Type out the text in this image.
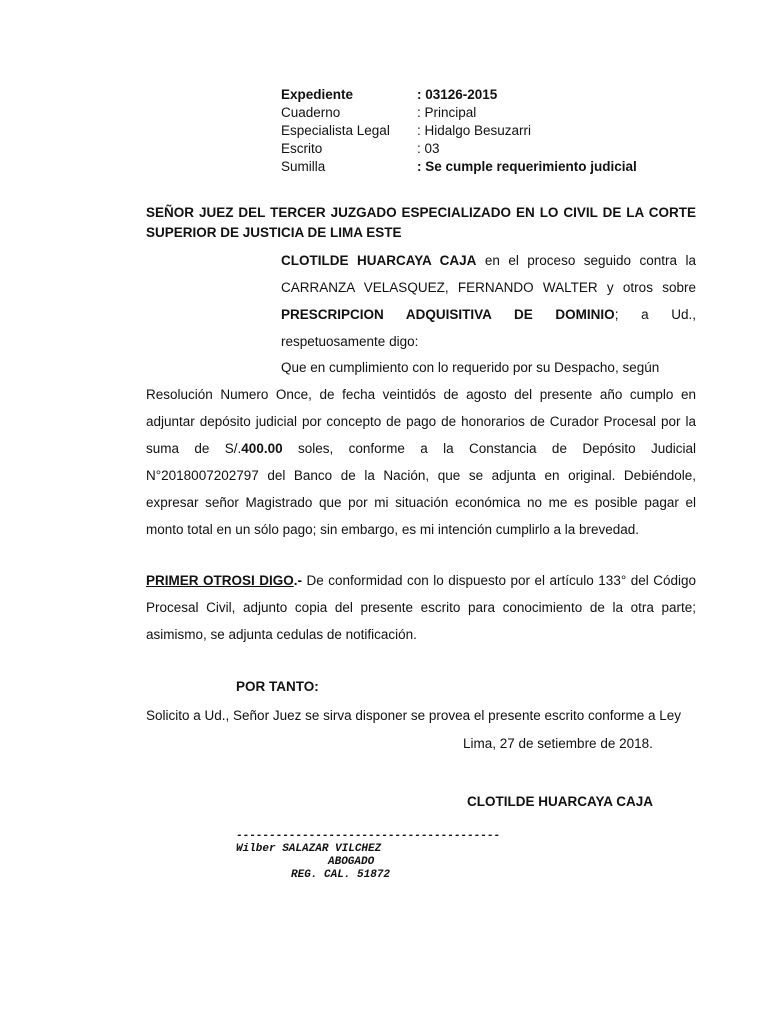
Expediente	: 03126-2015
Cuaderno	: Principal
Especialista Legal	: Hidalgo Besuzarri
Escrito	: 03
Sumilla	: Se cumple requerimiento judicial
SEÑOR JUEZ DEL TERCER JUZGADO ESPECIALIZADO EN LO CIVIL DE LA CORTE SUPERIOR DE JUSTICIA DE LIMA ESTE
CLOTILDE HUARCAYA CAJA en el proceso seguido contra la CARRANZA VELASQUEZ, FERNANDO WALTER y otros sobre PRESCRIPCION ADQUISITIVA DE DOMINIO; a Ud., respetuosamente digo:
Que en cumplimiento con lo requerido por su Despacho, según
Resolución Numero Once, de fecha veintidós de agosto del presente año cumplo en adjuntar depósito judicial por concepto de pago de honorarios de Curador Procesal por la suma de S/.400.00 soles, conforme a la Constancia de Depósito Judicial N°2018007202797 del Banco de la Nación, que se adjunta en original. Debiéndole, expresar señor Magistrado que por mi situación económica no me es posible pagar el monto total en un sólo pago; sin embargo, es mi intención cumplirlo a la brevedad.
PRIMER OTROSI DIGO.- De conformidad con lo dispuesto por el artículo 133° del Código Procesal Civil, adjunto copia del presente escrito para conocimiento de la otra parte; asimismo, se adjunta cedulas de notificación.
POR TANTO:
Solicito a Ud., Señor Juez se sirva disponer se provea el presente escrito conforme a Ley
Lima, 27 de setiembre de 2018.
CLOTILDE HUARCAYA CAJA
----------------------------------------
Wilber SALAZAR VILCHEZ
ABOGADO
REG. CAL. 51872
